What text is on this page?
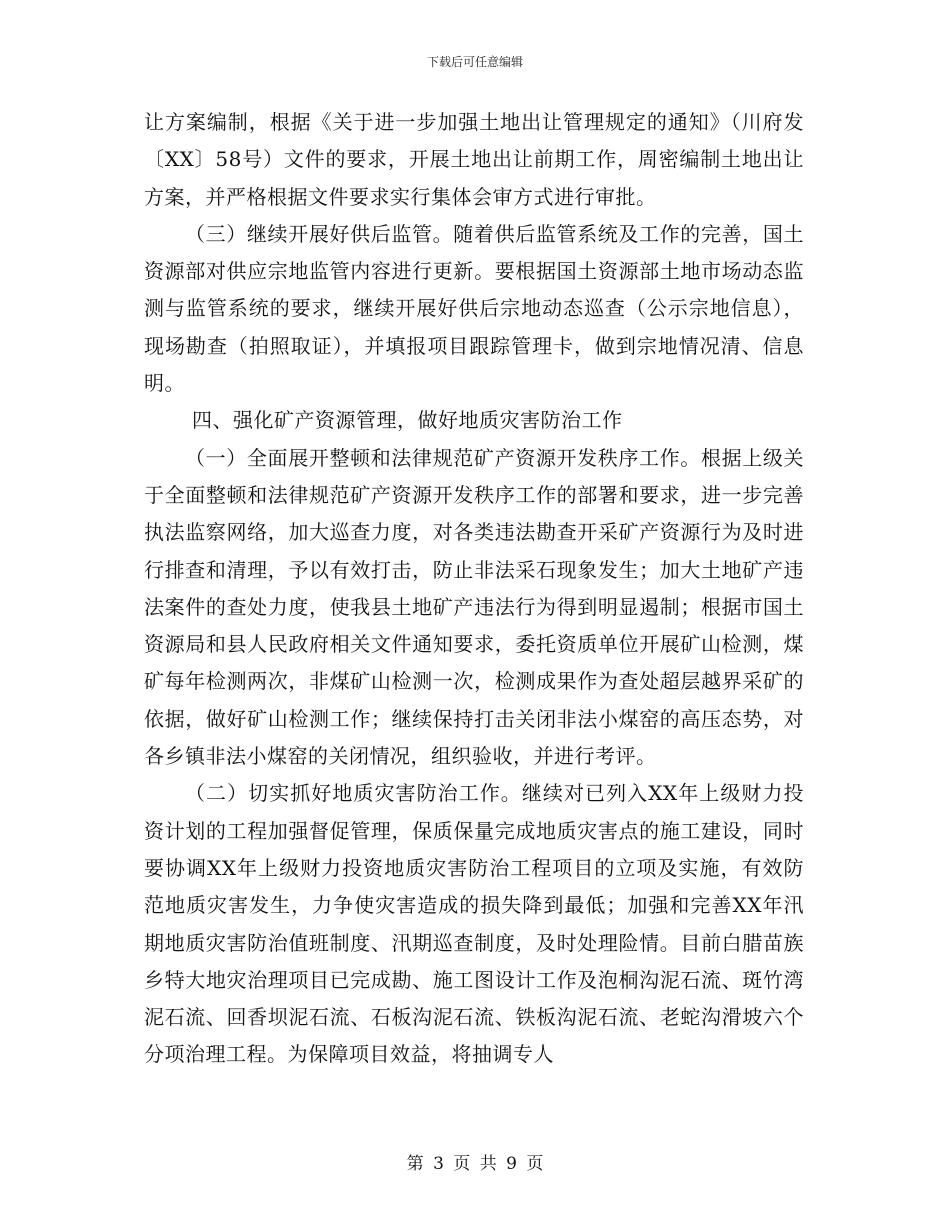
下载后可任意编辑

让方案编制，根据《关于进一步加强土地出让管理规定的通知》（川府发〔XX〕58号）文件的要求，开展土地出让前期工作，周密编制土地出让方案，并严格根据文件要求实行集体会审方式进行审批。

（三）继续开展好供后监管。随着供后监管系统及工作的完善，国土资源部对供应宗地监管内容进行更新。要根据国土资源部土地市场动态监测与监管系统的要求，继续开展好供后宗地动态巡查（公示宗地信息），现场勘查（拍照取证），并填报项目跟踪管理卡，做到宗地情况清、信息明。

四、强化矿产资源管理，做好地质灾害防治工作

（一）全面展开整顿和法律规范矿产资源开发秩序工作。根据上级关于全面整顿和法律规范矿产资源开发秩序工作的部署和要求，进一步完善执法监察网络，加大巡查力度，对各类违法勘查开采矿产资源行为及时进行排查和清理，予以有效打击，防止非法采石现象发生；加大土地矿产违法案件的查处力度，使我县土地矿产违法行为得到明显遏制；根据市国土资源局和县人民政府相关文件通知要求，委托资质单位开展矿山检测，煤矿每年检测两次，非煤矿山检测一次，检测成果作为查处超层越界采矿的依据，做好矿山检测工作；继续保持打击关闭非法小煤窑的高压态势，对各乡镇非法小煤窑的关闭情况，组织验收，并进行考评。

（二）切实抓好地质灾害防治工作。继续对已列入XX年上级财力投资计划的工程加强督促管理，保质保量完成地质灾害点的施工建设，同时要协调XX年上级财力投资地质灾害防治工程项目的立项及实施，有效防范地质灾害发生，力争使灾害造成的损失降到最低；加强和完善XX年汛期地质灾害防治值班制度、汛期巡查制度，及时处理险情。目前白腊苗族乡特大地灾治理项目已完成勘、施工图设计工作及泡桐沟泥石流、斑竹湾泥石流、回香坝泥石流、石板沟泥石流、铁板沟泥石流、老蛇沟滑坡六个分项治理工程。为保障项目效益，将抽调专人

第 3 页 共 9 页
